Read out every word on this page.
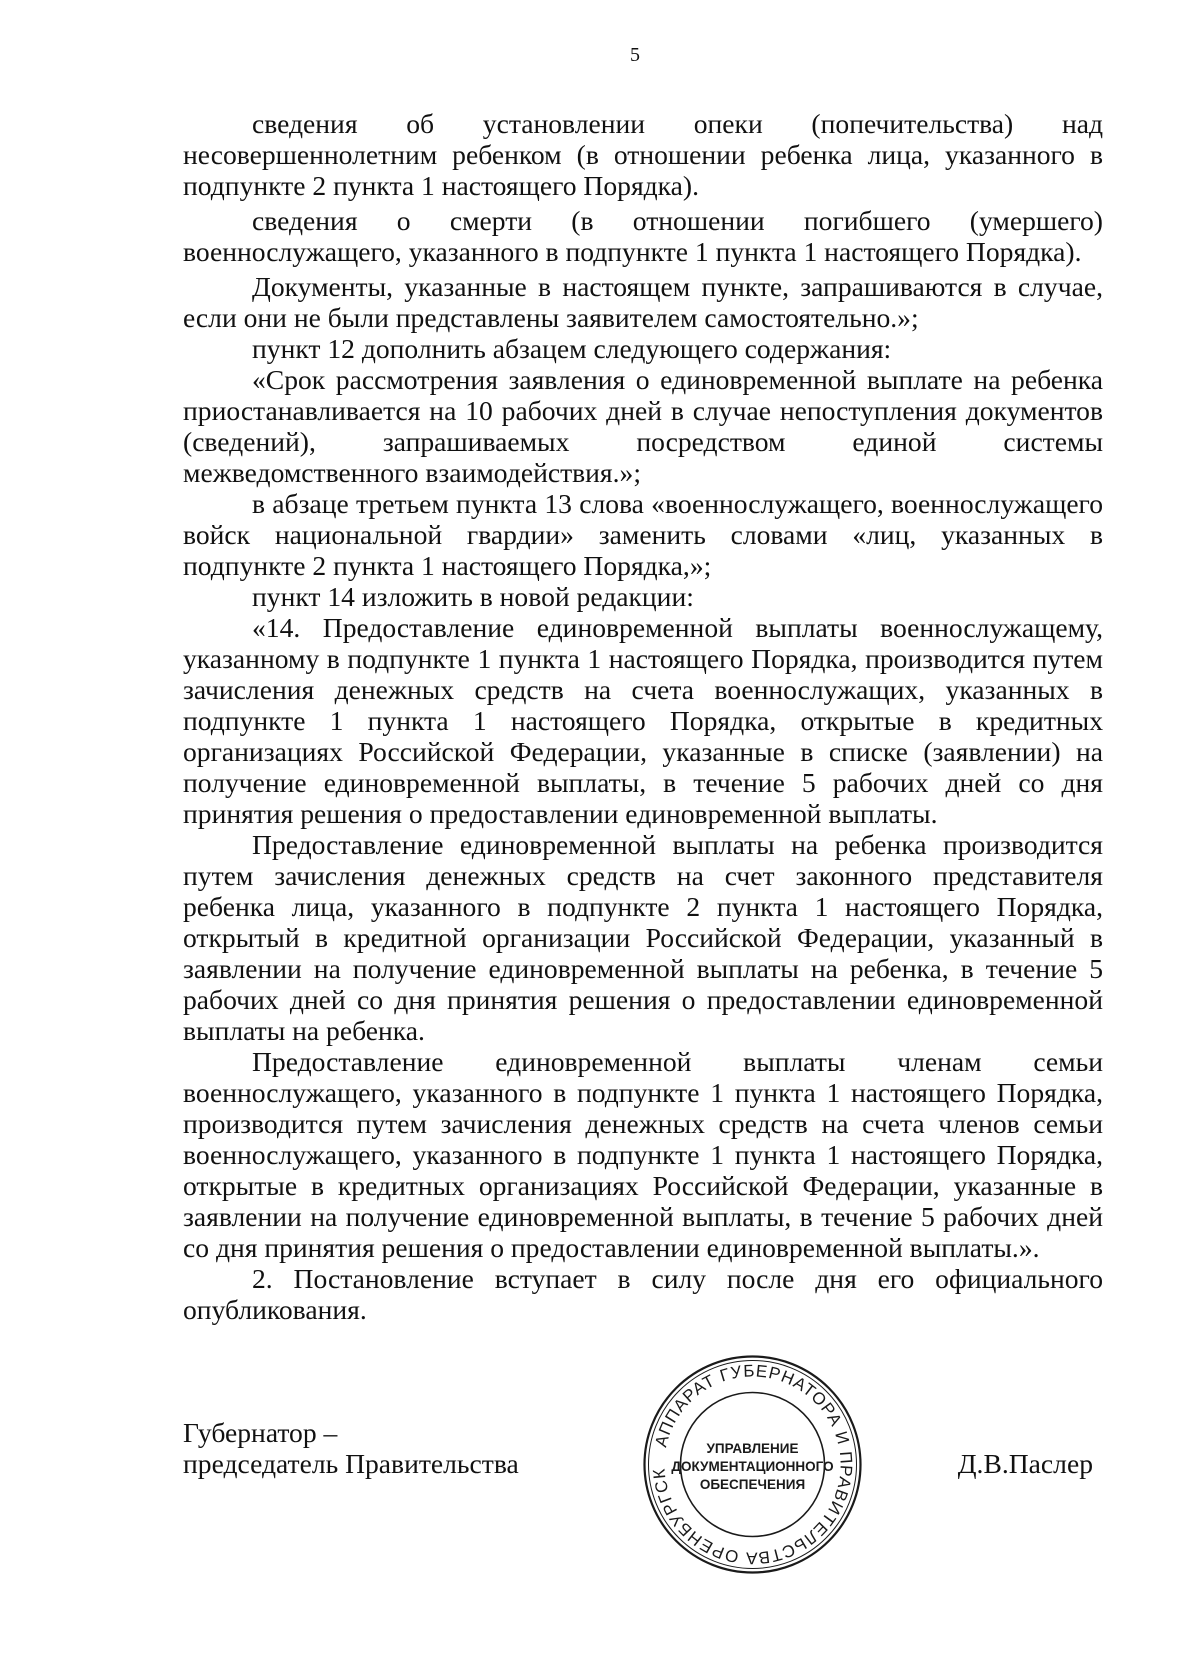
5

сведения об установлении опеки (попечительства) над несовершеннолетним ребенком (в отношении ребенка лица, указанного в подпункте 2 пункта 1 настоящего Порядка).

сведения о смерти (в отношении погибшего (умершего) военнослужащего, указанного в подпункте 1 пункта 1 настоящего Порядка).

Документы, указанные в настоящем пункте, запрашиваются в случае, если они не были представлены заявителем самостоятельно.»;

пункт 12 дополнить абзацем следующего содержания:

«Срок рассмотрения заявления о единовременной выплате на ребенка приостанавливается на 10 рабочих дней в случае непоступления документов (сведений), запрашиваемых посредством единой системы межведомственного взаимодействия.»;

в абзаце третьем пункта 13 слова «военнослужащего, военнослужащего войск национальной гвардии» заменить словами «лиц, указанных в подпункте 2 пункта 1 настоящего Порядка,»;

пункт 14 изложить в новой редакции:

«14. Предоставление единовременной выплаты военнослужащему, указанному в подпункте 1 пункта 1 настоящего Порядка, производится путем зачисления денежных средств на счета военнослужащих, указанных в подпункте 1 пункта 1 настоящего Порядка, открытые в кредитных организациях Российской Федерации, указанные в списке (заявлении) на получение единовременной выплаты, в течение 5 рабочих дней со дня принятия решения о предоставлении единовременной выплаты.

Предоставление единовременной выплаты на ребенка производится путем зачисления денежных средств на счет законного представителя ребенка лица, указанного в подпункте 2 пункта 1 настоящего Порядка, открытый в кредитной организации Российской Федерации, указанный в заявлении на получение единовременной выплаты на ребенка, в течение 5 рабочих дней со дня принятия решения о предоставлении единовременной выплаты на ребенка.

Предоставление единовременной выплаты членам семьи военнослужащего, указанного в подпункте 1 пункта 1 настоящего Порядка, производится путем зачисления денежных средств на счета членов семьи военнослужащего, указанного в подпункте 1 пункта 1 настоящего Порядка, открытые в кредитных организациях Российской Федерации, указанные в заявлении на получение единовременной выплаты, в течение 5 рабочих дней со дня принятия решения о предоставлении единовременной выплаты.».

2. Постановление вступает в силу после дня его официального опубликования.

Губернатор –
председатель Правительства	Д.В.Паслер
АППАРАТ ГУБЕРНАТОРА И ПРАВИТЕЛЬСТВА ОРЕНБУРГСК
УПРАВЛЕНИЕ
ДОКУМЕНТАЦИОННОГО
ОБЕСПЕЧЕНИЯ
